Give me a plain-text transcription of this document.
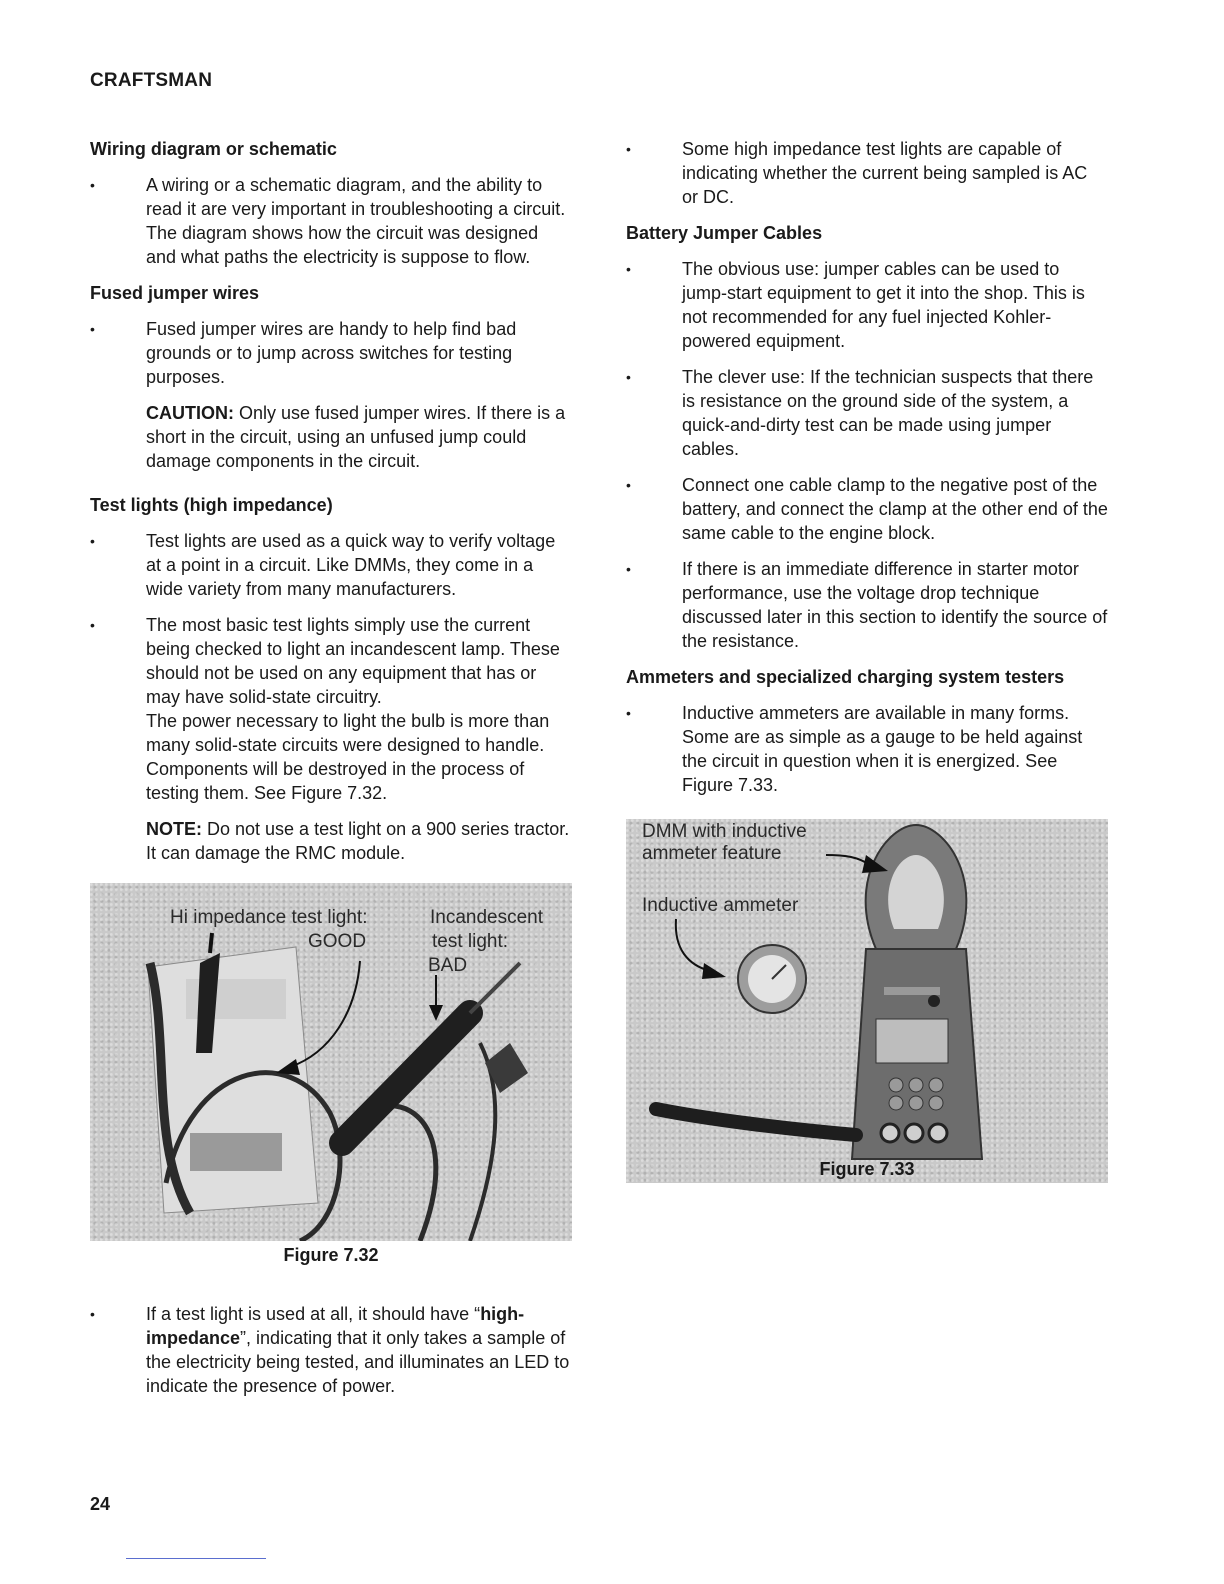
CRAFTSMAN
Wiring diagram or schematic
• A wiring or a schematic diagram, and the ability to read it are very important in troubleshooting a circuit. The diagram shows how the circuit was designed and what paths the electricity is suppose to flow.
Fused jumper wires
• Fused jumper wires are handy to help find bad grounds or to jump across switches for testing purposes.
CAUTION: Only use fused jumper wires. If there is a short in the circuit, using an unfused jump could damage components in the circuit.
Test lights (high impedance)
• Test lights are used as a quick way to verify voltage at a point in a circuit. Like DMMs, they come in a wide variety from many manufacturers.
• The most basic test lights simply use the current being checked to light an incandescent lamp. These should not be used on any equipment that has or may have solid-state circuitry.
The power necessary to light the bulb is more than many solid-state circuits were designed to handle. Components will be destroyed in the process of testing them. See Figure 7.32.
NOTE: Do not use a test light on a 900 series tractor. It can damage the RMC module.
Hi impedance test light:
GOOD
Incandescent
test light:
BAD
Figure 7.32
• If a test light is used at all, it should have “high-impedance”, indicating that it only takes a sample of the electricity being tested, and illuminates an LED to indicate the presence of power.
• Some high impedance test lights are capable of indicating whether the current being sampled is AC or DC.
Battery Jumper Cables
• The obvious use: jumper cables can be used to jump-start equipment to get it into the shop. This is not recommended for any fuel injected Kohler-powered equipment.
• The clever use: If the technician suspects that there is resistance on the ground side of the system, a quick-and-dirty test can be made using jumper cables.
• Connect one cable clamp to the negative post of the battery, and connect the clamp at the other end of the same cable to the engine block.
• If there is an immediate difference in starter motor performance, use the voltage drop technique discussed later in this section to identify the source of the resistance.
Ammeters and specialized charging system testers
• Inductive ammeters are available in many forms. Some are as simple as a gauge to be held against the circuit in question when it is energized. See Figure 7.33.
DMM with inductive
ammeter feature
Inductive ammeter
Figure 7.33
24
